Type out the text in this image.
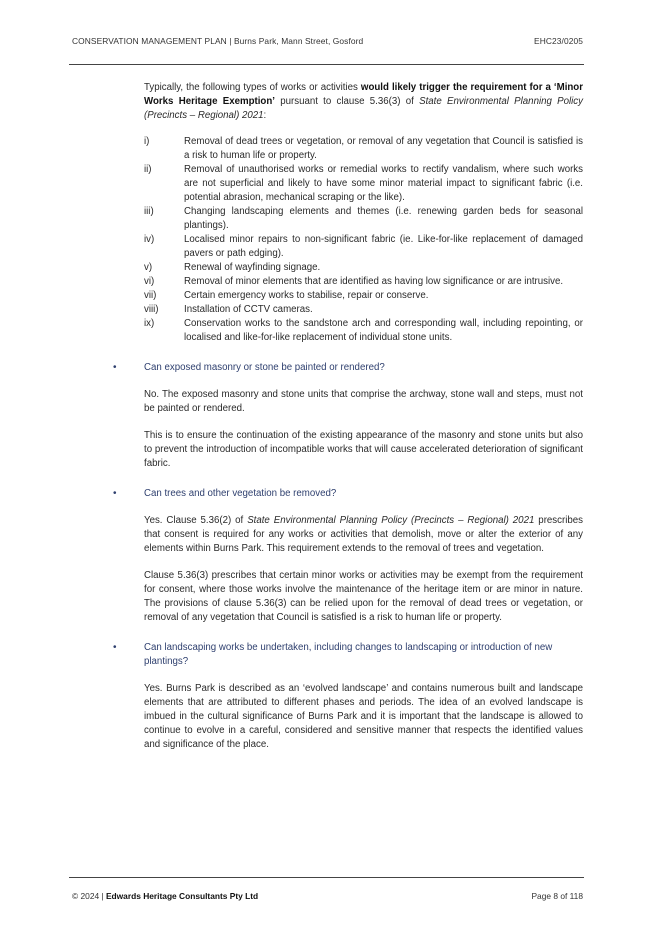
CONSERVATION MANAGEMENT PLAN | Burns Park, Mann Street, Gosford	EHC23/0205

Typically, the following types of works or activities would likely trigger the requirement for a ‘Minor Works Heritage Exemption’ pursuant to clause 5.36(3) of State Environmental Planning Policy (Precincts – Regional) 2021:

i)	Removal of dead trees or vegetation, or removal of any vegetation that Council is satisfied is a risk to human life or property.
ii)	Removal of unauthorised works or remedial works to rectify vandalism, where such works are not superficial and likely to have some minor material impact to significant fabric (i.e. potential abrasion, mechanical scraping or the like).
iii)	Changing landscaping elements and themes (i.e. renewing garden beds for seasonal plantings).
iv)	Localised minor repairs to non-significant fabric (ie. Like-for-like replacement of damaged pavers or path edging).
v)	Renewal of wayfinding signage.
vi)	Removal of minor elements that are identified as having low significance or are intrusive.
vii)	Certain emergency works to stabilise, repair or conserve.
viii)	Installation of CCTV cameras.
ix)	Conservation works to the sandstone arch and corresponding wall, including repointing, or localised and like-for-like replacement of individual stone units.

•	Can exposed masonry or stone be painted or rendered?

No. The exposed masonry and stone units that comprise the archway, stone wall and steps, must not be painted or rendered.

This is to ensure the continuation of the existing appearance of the masonry and stone units but also to prevent the introduction of incompatible works that will cause accelerated deterioration of significant fabric.

•	Can trees and other vegetation be removed?

Yes. Clause 5.36(2) of State Environmental Planning Policy (Precincts – Regional) 2021 prescribes that consent is required for any works or activities that demolish, move or alter the exterior of any elements within Burns Park. This requirement extends to the removal of trees and vegetation.

Clause 5.36(3) prescribes that certain minor works or activities may be exempt from the requirement for consent, where those works involve the maintenance of the heritage item or are minor in nature. The provisions of clause 5.36(3) can be relied upon for the removal of dead trees or vegetation, or removal of any vegetation that Council is satisfied is a risk to human life or property.

•	Can landscaping works be undertaken, including changes to landscaping or introduction of new plantings?

Yes. Burns Park is described as an ‘evolved landscape’ and contains numerous built and landscape elements that are attributed to different phases and periods. The idea of an evolved landscape is imbued in the cultural significance of Burns Park and it is important that the landscape is allowed to continue to evolve in a careful, considered and sensitive manner that respects the identified values and significance of the place.

© 2024 | Edwards Heritage Consultants Pty Ltd	Page 8 of 118
